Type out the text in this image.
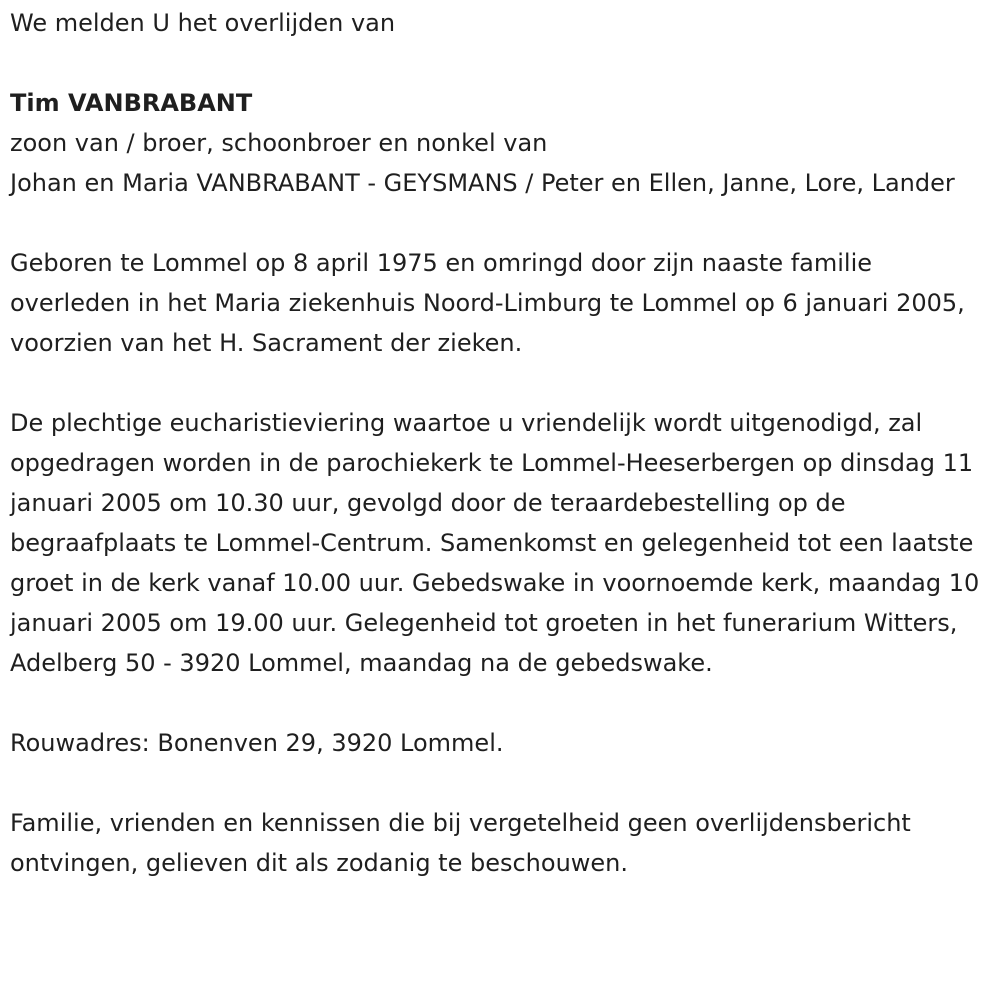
We melden U het overlijden van

Tim VANBRABANT

zoon van / broer, schoonbroer en nonkel van

Johan en Maria VANBRABANT - GEYSMANS / Peter en Ellen, Janne, Lore, Lander

Geboren te Lommel op 8 april 1975 en omringd door zijn naaste familie overleden in het Maria ziekenhuis Noord-Limburg te Lommel op 6 januari 2005, voorzien van het H. Sacrament der zieken.

De plechtige eucharistieviering waartoe u vriendelijk wordt uitgenodigd, zal opgedragen worden in de parochiekerk te Lommel-Heeserbergen op dinsdag 11 januari 2005 om 10.30 uur, gevolgd door de teraardebestelling op de begraafplaats te Lommel-Centrum. Samenkomst en gelegenheid tot een laatste groet in de kerk vanaf 10.00 uur. Gebedswake in voornoemde kerk, maandag 10 januari 2005 om 19.00 uur. Gelegenheid tot groeten in het funerarium Witters, Adelberg 50 - 3920 Lommel, maandag na de gebedswake.

Rouwadres: Bonenven 29, 3920 Lommel.

Familie, vrienden en kennissen die bij vergetelheid geen overlijdensbericht ontvingen, gelieven dit als zodanig te beschouwen.
